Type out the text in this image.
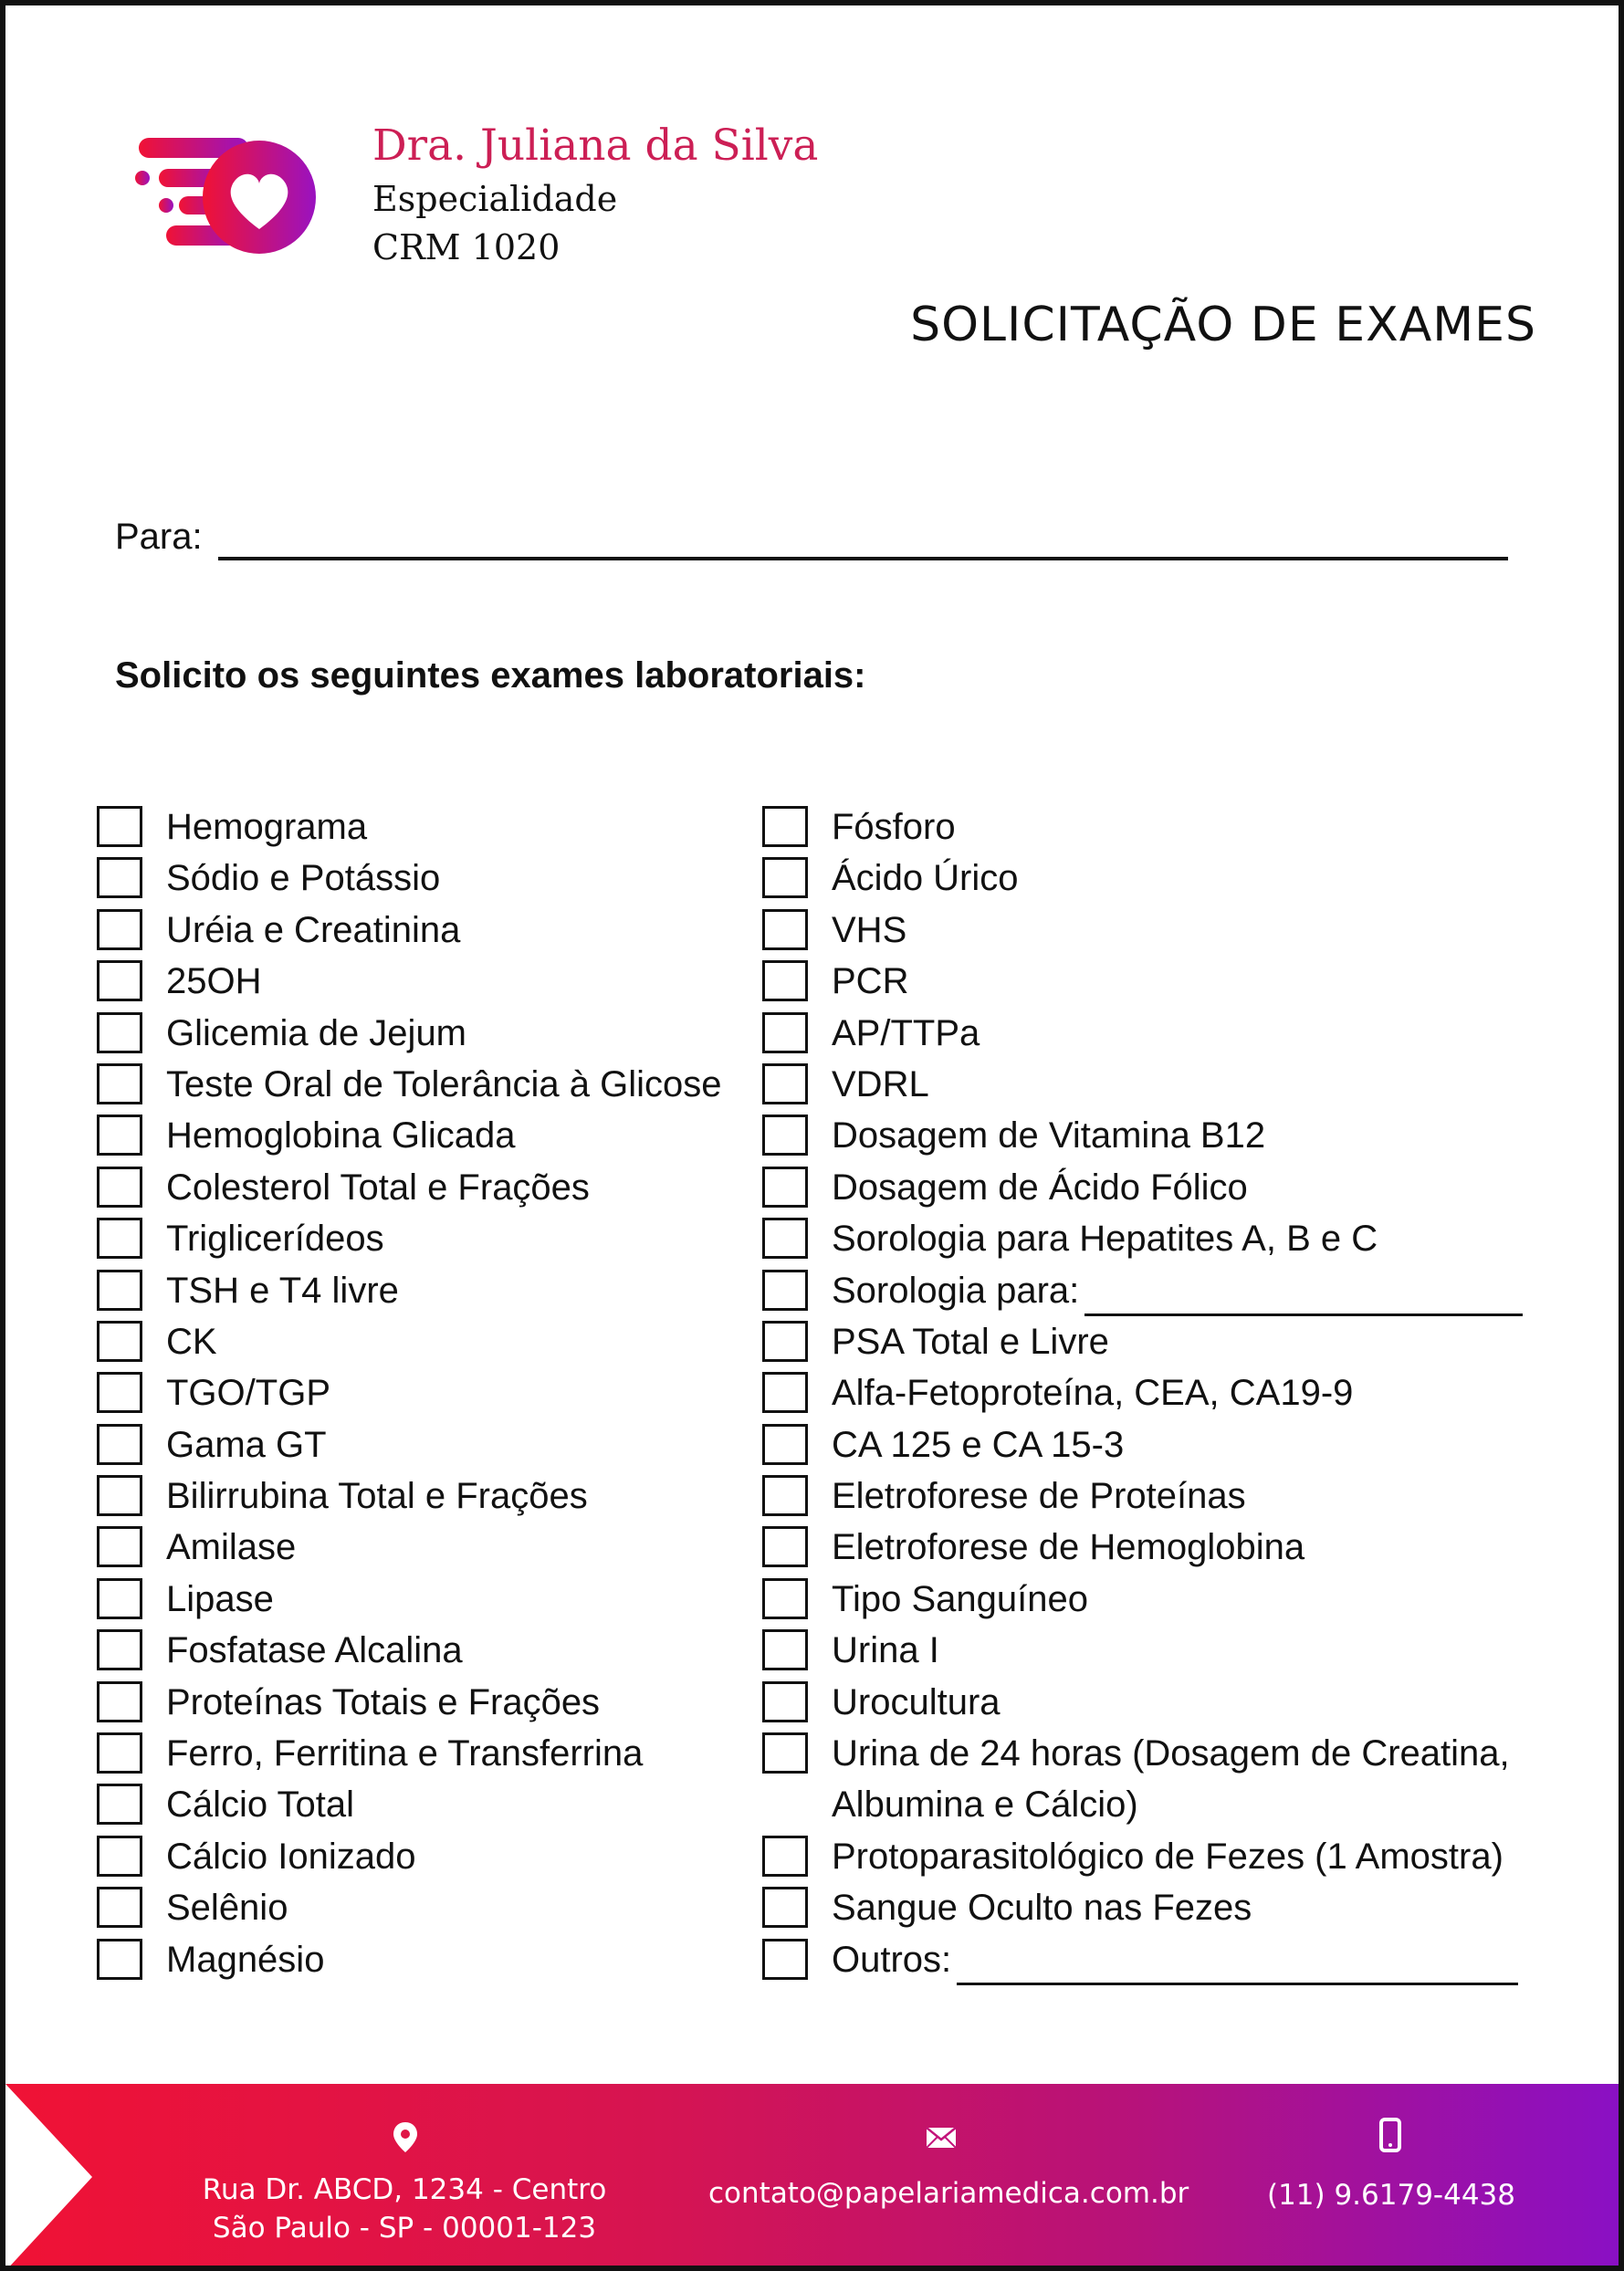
Dra. Juliana da Silva
Especialidade
CRM 1020
SOLICITAÇÃO DE EXAMES
Para:
Solicito os seguintes exames laboratoriais:
Hemograma
Sódio e Potássio
Uréia e Creatinina
25OH
Glicemia de Jejum
Teste Oral de Tolerância à Glicose
Hemoglobina Glicada
Colesterol Total e Frações
Triglicerídeos
TSH e T4 livre
CK
TGO/TGP
Gama GT
Bilirrubina Total e Frações
Amilase
Lipase
Fosfatase Alcalina
Proteínas Totais e Frações
Ferro, Ferritina e Transferrina
Cálcio Total
Cálcio Ionizado
Selênio
Magnésio
Fósforo
Ácido Úrico
VHS
PCR
AP/TTPa
VDRL
Dosagem de Vitamina B12
Dosagem de Ácido Fólico
Sorologia para Hepatites A, B e C
Sorologia para:
PSA Total e Livre
Alfa-Fetoproteína, CEA, CA19-9
CA 125 e CA 15-3
Eletroforese de Proteínas
Eletroforese de Hemoglobina
Tipo Sanguíneo
Urina I
Urocultura
Urina de 24 horas (Dosagem de Creatina,
Albumina e Cálcio)
Protoparasitológico de Fezes (1 Amostra)
Sangue Oculto nas Fezes
Outros:
Rua Dr. ABCD, 1234 - Centro
São Paulo - SP - 00001-123
contato@papelariamedica.com.br	(11) 9.6179-4438
